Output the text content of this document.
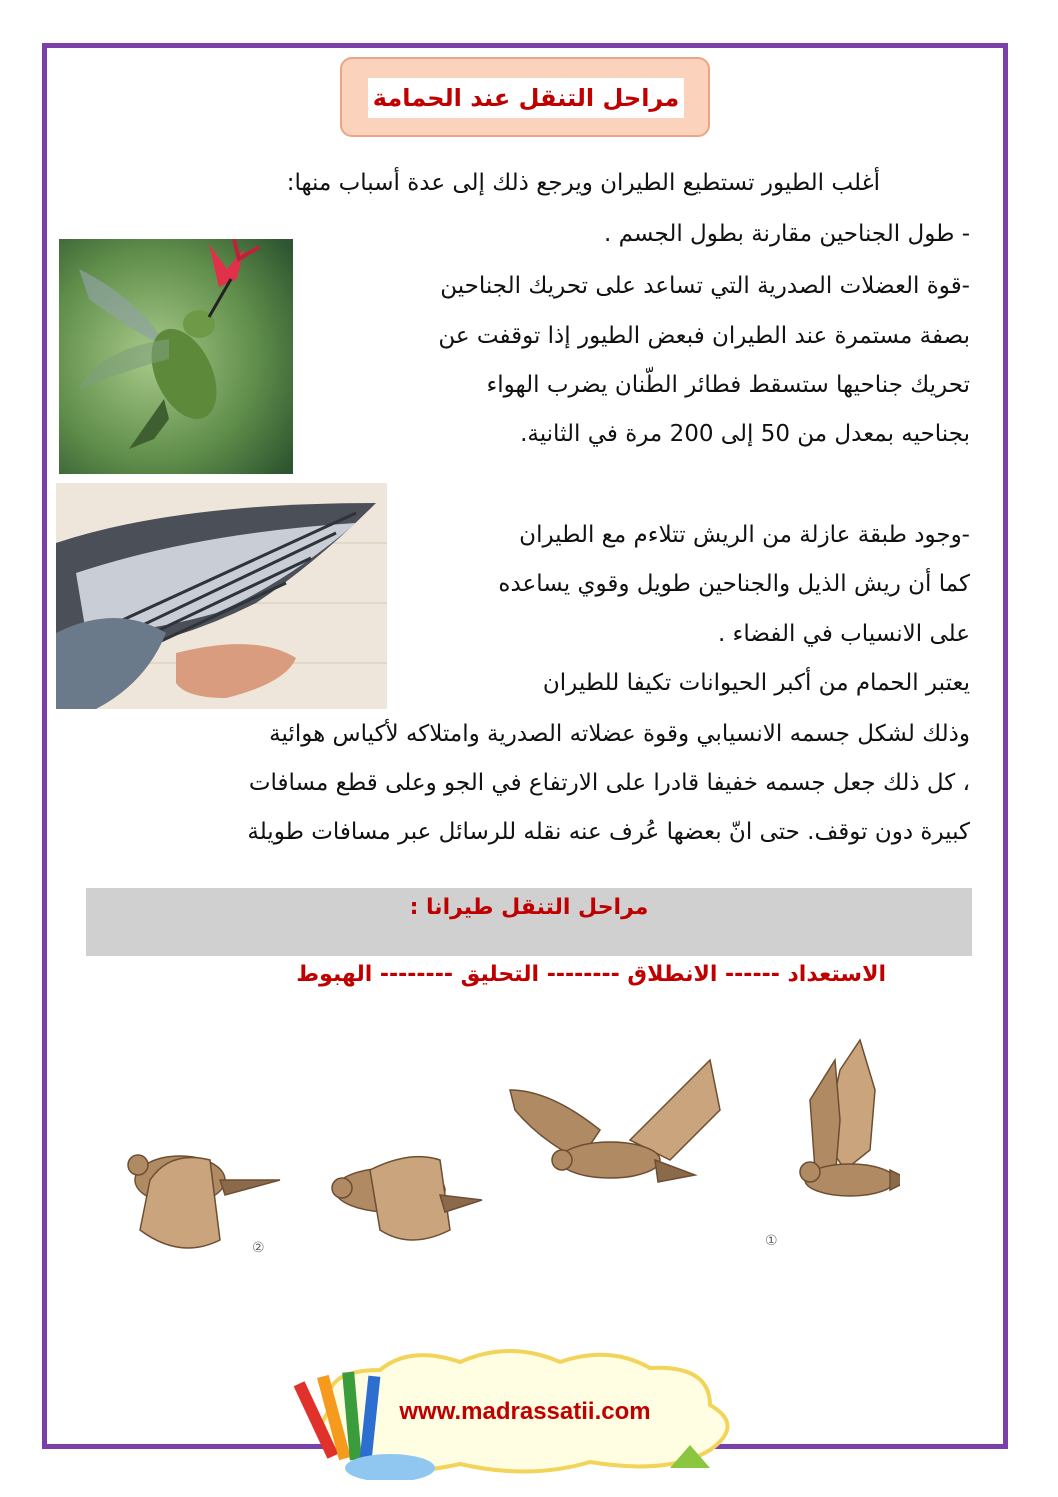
مراحل التنقل عند الحمامة
أغلب الطيور تستطيع الطيران ويرجع ذلك إلى عدة أسباب منها:
- طول الجناحين مقارنة بطول الجسم .
-قوة العضلات الصدرية التي تساعد على تحريك الجناحين
بصفة مستمرة عند الطيران فبعض الطيور إذا توقفت عن
تحريك جناحيها ستسقط فطائر الطّنان يضرب الهواء
بجناحيه بمعدل من 50 إلى 200 مرة في الثانية.
-وجود طبقة عازلة من الريش تتلاءم مع الطيران
كما أن ريش الذيل والجناحين طويل وقوي يساعده
على الانسياب في الفضاء .
يعتبر الحمام من أكبر الحيوانات تكيفا للطيران
وذلك لشكل جسمه الانسيابي وقوة عضلاته الصدرية وامتلاكه لأكياس هوائية
، كل ذلك جعل جسمه خفيفا قادرا على الارتفاع في الجو وعلى قطع مسافات
كبيرة دون توقف. حتى انّ بعضها عُرف عنه نقله للرسائل عبر مسافات طويلة
مراحل التنقل طيرانا :
الاستعداد ------ الانطلاق -------- التحليق -------- الهبوط
①
②
www.madrassatii.com
